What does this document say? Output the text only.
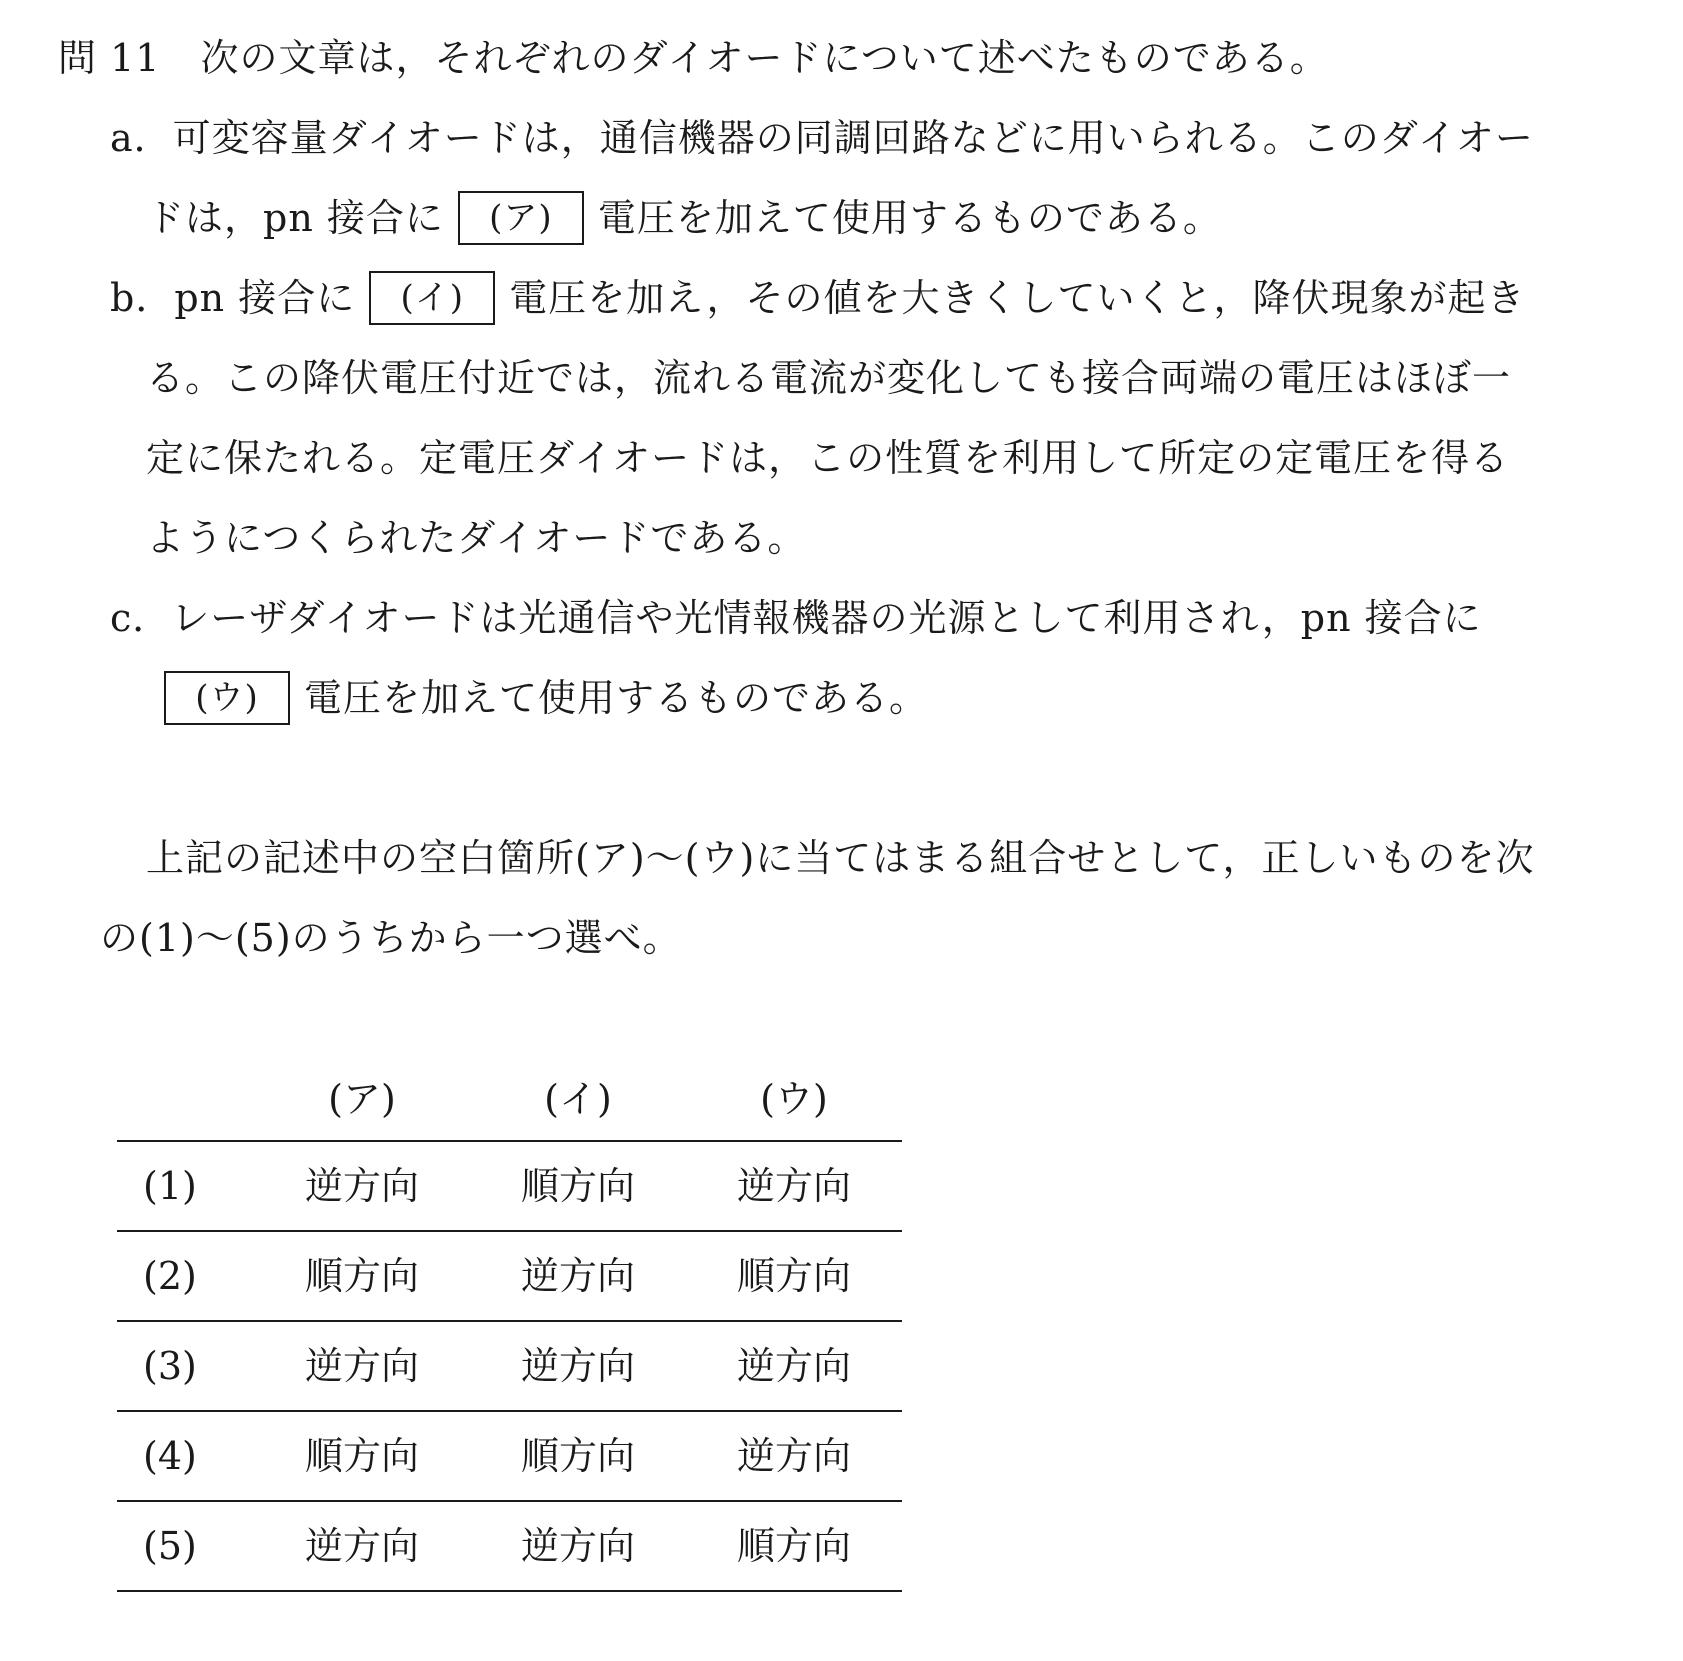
問 11 次の文章は，それぞれのダイオードについて述べたものである。
a．可変容量ダイオードは，通信機器の同調回路などに用いられる。このダイオー
ドは，pn 接合に	(ア)	電圧を加えて使用するものである。
b．pn 接合に	(イ)	電圧を加え，その値を大きくしていくと，降伏現象が起き
る。この降伏電圧付近では，流れる電流が変化しても接合両端の電圧はほぼ一
定に保たれる。定電圧ダイオードは，この性質を利用して所定の定電圧を得る
ようにつくられたダイオードである。
c．レーザダイオードは光通信や光情報機器の光源として利用され，pn 接合に
(ウ)	電圧を加えて使用するものである。
上記の記述中の空白箇所(ア)～(ウ)に当てはまる組合せとして，正しいものを次
の(1)～(5)のうちから一つ選べ。
	(ア)	(イ)	(ウ)
(1)	逆方向	順方向	逆方向
(2)	順方向	逆方向	順方向
(3)	逆方向	逆方向	逆方向
(4)	順方向	順方向	逆方向
(5)	逆方向	逆方向	順方向
